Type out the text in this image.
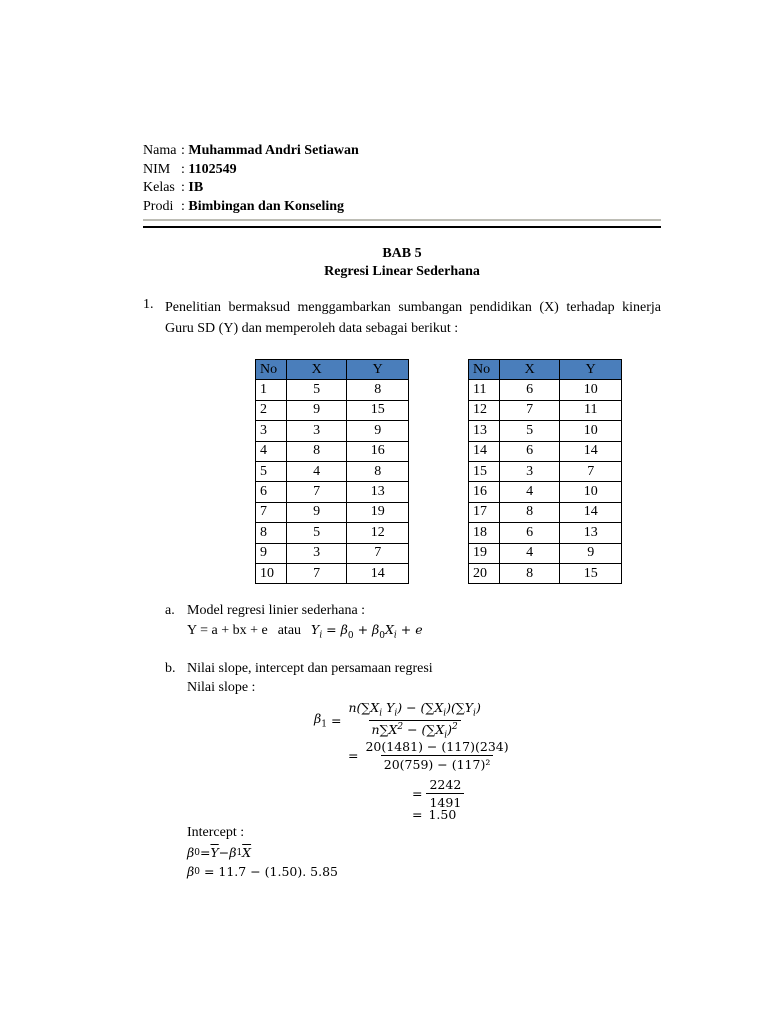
Nama : Muhammad Andri Setiawan
NIM : 1102549
Kelas : IB
Prodi : Bimbingan dan Konseling
BAB 5
Regresi Linear Sederhana
1. Penelitian bermaksud menggambarkan sumbangan pendidikan (X) terhadap kinerja Guru SD (Y) dan memperoleh data sebagai berikut :
No	X	Y
1	5	8
2	9	15
3	3	9
4	8	16
5	4	8
6	7	13
7	9	19
8	5	12
9	3	7
10	7	14
No	X	Y
11	6	10
12	7	11
13	5	10
14	6	14
15	3	7
16	4	10
17	8	14
18	6	13
19	4	9
20	8	15
a. Model regresi linier sederhana :
Y = a + bx + e atau $Y_i = \beta_0 + \beta_0X_i + e$
b. Nilai slope, intercept dan persamaan regresi
Nilai slope :
$\beta_1 = \frac{n(\sum X_i Y_i) - (\sum X_i)(\sum Y_i)}{n\sum X^2 - (\sum X_i)^2}$
= $\frac{20(1481) - (117)(234)}{\text{20(759) − (117)²}}$
= $\frac{2242}{1491}$
= 1.50
Intercept :
β $0 = \overline{Y} - \beta$ 1 $\overline{X}$
β 0 = 11.7 − (1.50). 5.85
